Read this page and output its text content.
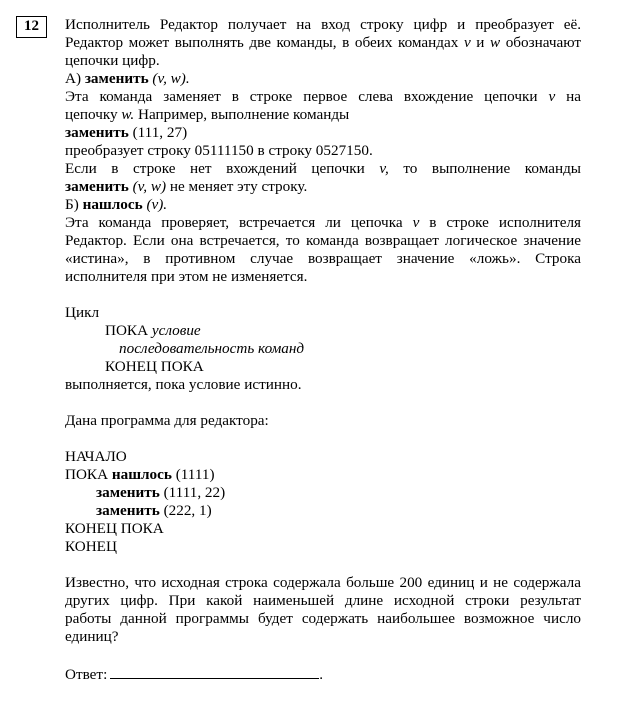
12	Исполнитель Редактор получает на вход строку цифр и преобразует её.
Редактор может выполнять две команды, в обеих командах v и w обозначают
цепочки цифр.
А) заменить (v, w).
Эта команда заменяет в строке первое слева вхождение цепочки v на
цепочку w. Например, выполнение команды
заменить (111, 27)
преобразует строку 05111150 в строку 0527150.
Если в строке нет вхождений цепочки v, то выполнение команды
заменить (v, w) не меняет эту строку.
Б) нашлось (v).
Эта команда проверяет, встречается ли цепочка v в строке исполнителя
Редактор. Если она встречается, то команда возвращает логическое значение
«истина», в противном случае возвращает значение «ложь». Строка
исполнителя при этом не изменяется.
Цикл
ПОКА условие
последовательность команд
КОНЕЦ ПОКА
выполняется, пока условие истинно.
Дана программа для редактора:
НАЧАЛО
ПОКА нашлось (1111)
заменить (1111, 22)
заменить (222, 1)
КОНЕЦ ПОКА
КОНЕЦ
Известно, что исходная строка содержала больше 200 единиц и не содержала
других цифр. При какой наименьшей длине исходной строки результат
работы данной программы будет содержать наибольшее возможное число
единиц?
Ответ:	.
